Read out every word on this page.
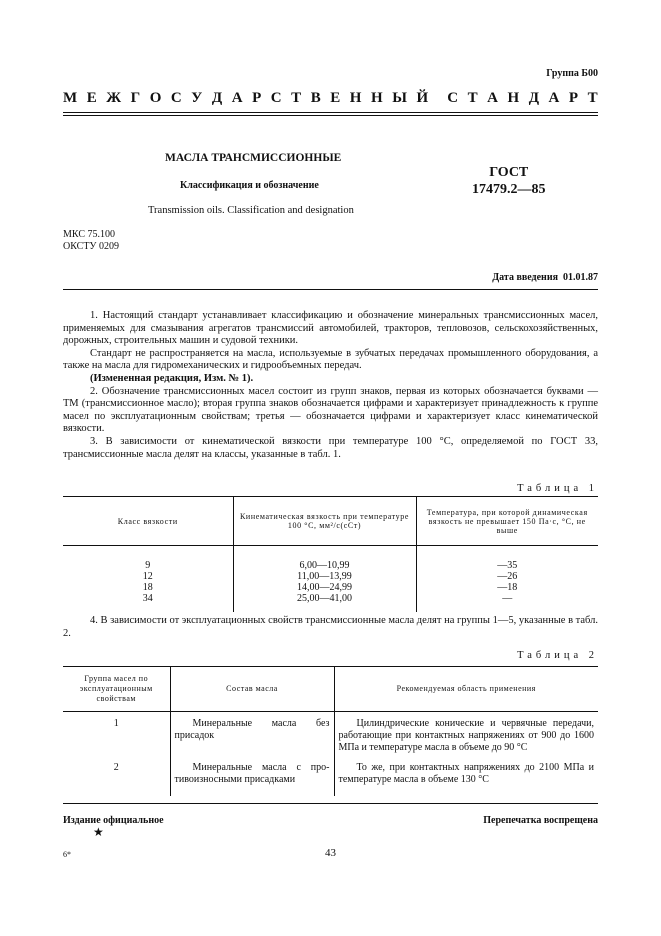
Группа Б00
М Е Ж Г О С У Д А Р С Т В Е Н Н Ы Й С Т А Н Д А Р Т
МАСЛА ТРАНСМИССИОННЫЕ
Классификация и обозначение
ГОСТ
17479.2—85
Transmission oils. Classification and designation
МКС 75.100
ОКСТУ 0209
Дата введения 01.01.87

1. Настоящий стандарт устанавливает классификацию и обозначение минеральных трансмиссионных масел, применяемых для смазывания агрегатов трансмиссий автомобилей, тракторов, тепловозов, сельскохозяйственных, дорожных, строительных машин и судовой техники.

Стандарт не распространяется на масла, используемые в зубчатых передачах промышленного оборудования, а также на масла для гидромеханических и гидрообъемных передач.

(Измененная редакция, Изм. № 1).

2. Обозначение трансмиссионных масел состоит из групп знаков, первая из которых обозначается буквами — ТМ (трансмиссионное масло); вторая группа знаков обозначается цифрами и характеризует принадлежность к группе масел по эксплуатационным свойствам; третья — обозначается цифрами и характеризует класс кинематической вязкости.

3. В зависимости от кинематической вязкости при температуре 100 °С, определяемой по ГОСТ 33, трансмиссионные масла делят на классы, указанные в табл. 1.

Таблица 1
Класс вязкости	Кинематическая вязкость при температуре 100 °С, мм²/с(сСт)	Температура, при которой динамическая вязкость не превышает 150 Па·с, °С, не выше

9	6,00—10,99	—35
12	11,00—13,99	—26
18	14,00—24,99	—18
34	25,00—41,00	—

4. В зависимости от эксплуатационных свойств трансмиссионные масла делят на группы 1—5, указанные в табл. 2.

Таблица 2
Группа масел по эксплуатационным свойствам	Состав масла	Рекомендуемая область применения

1	Минеральные масла без присадок	Цилиндрические конические и червячные передачи, работающие при контактных напряжениях от 900 до 1600 МПа и температуре масла в объеме до 90 °С
2	Минеральные масла с противоизносными присадками	То же, при контактных напряжениях до 2100 МПа и температуре масла в объеме 130 °С

Издание официальное	Перепечатка воспрещена
★
6*	43
